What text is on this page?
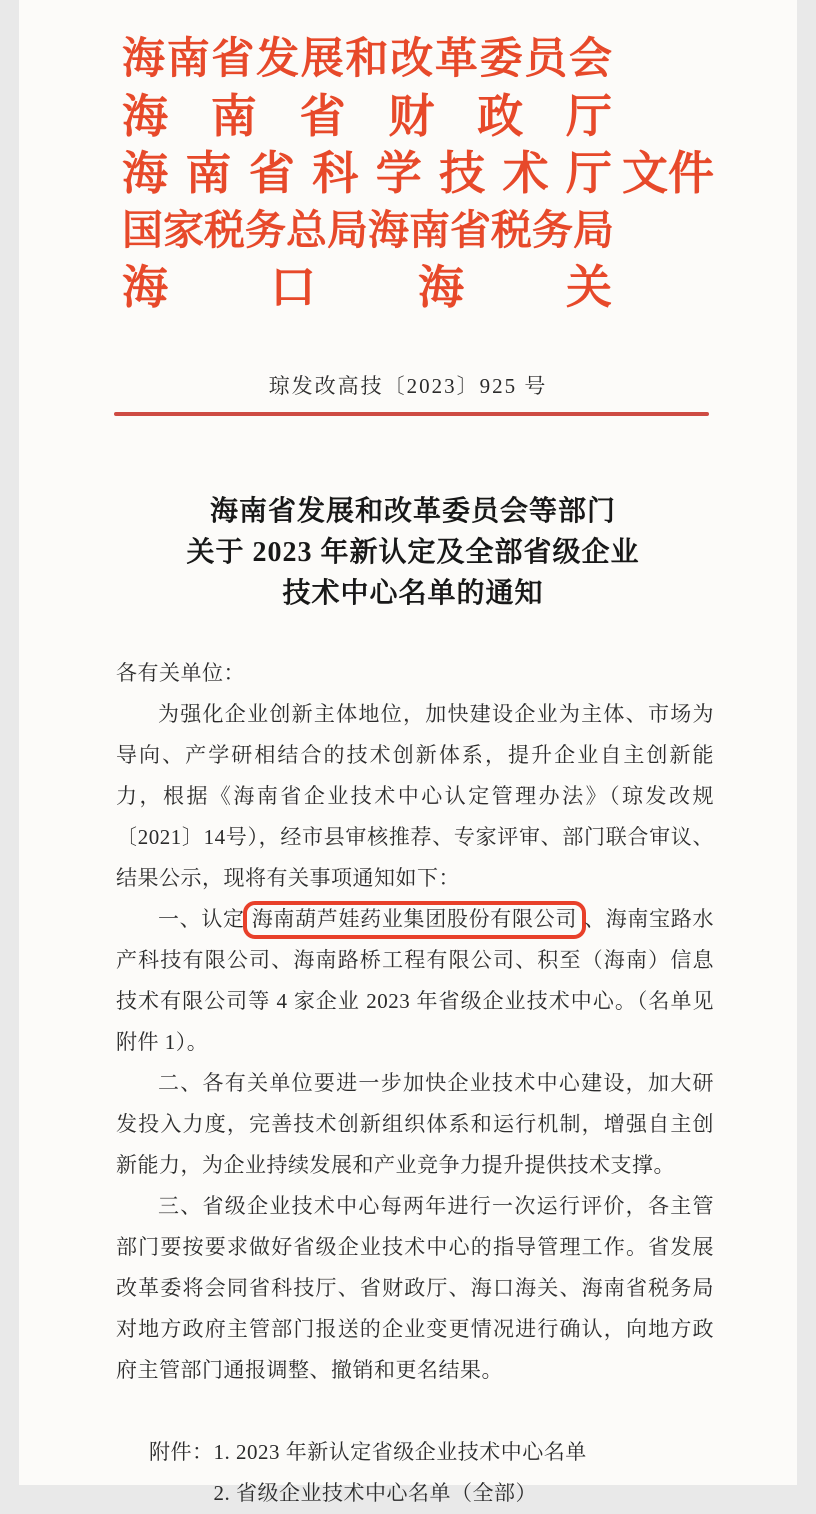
海南省发展和改革委员会
海南省财政厅
海南省科学技术厅 文件
国家税务总局海南省税务局
海口海关
琼发改高技〔2023〕925 号
海南省发展和改革委员会等部门
关于 2023 年新认定及全部省级企业
技术中心名单的通知

各有关单位：

为强化企业创新主体地位，加快建设企业为主体、市场为导向、产学研相结合的技术创新体系，提升企业自主创新能力，根据《海南省企业技术中心认定管理办法》（琼发改规〔2021〕14号），经市县审核推荐、专家评审、部门联合审议、结果公示，现将有关事项通知如下：

一、认定 海南葫芦娃药业集团股份有限公司 、海南宝路水产科技有限公司、海南路桥工程有限公司、积至（海南）信息技术有限公司等 4 家企业 2023 年省级企业技术中心。（名单见附件 1）。

二、各有关单位要进一步加快企业技术中心建设，加大研发投入力度，完善技术创新组织体系和运行机制，增强自主创新能力，为企业持续发展和产业竞争力提升提供技术支撑。

三、省级企业技术中心每两年进行一次运行评价，各主管部门要按要求做好省级企业技术中心的指导管理工作。省发展改革委将会同省科技厅、省财政厅、海口海关、海南省税务局对地方政府主管部门报送的企业变更情况进行确认，向地方政府主管部门通报调整、撤销和更名结果。

附件： 1. 2023 年新认定省级企业技术中心名单
2. 省级企业技术中心名单（全部）
